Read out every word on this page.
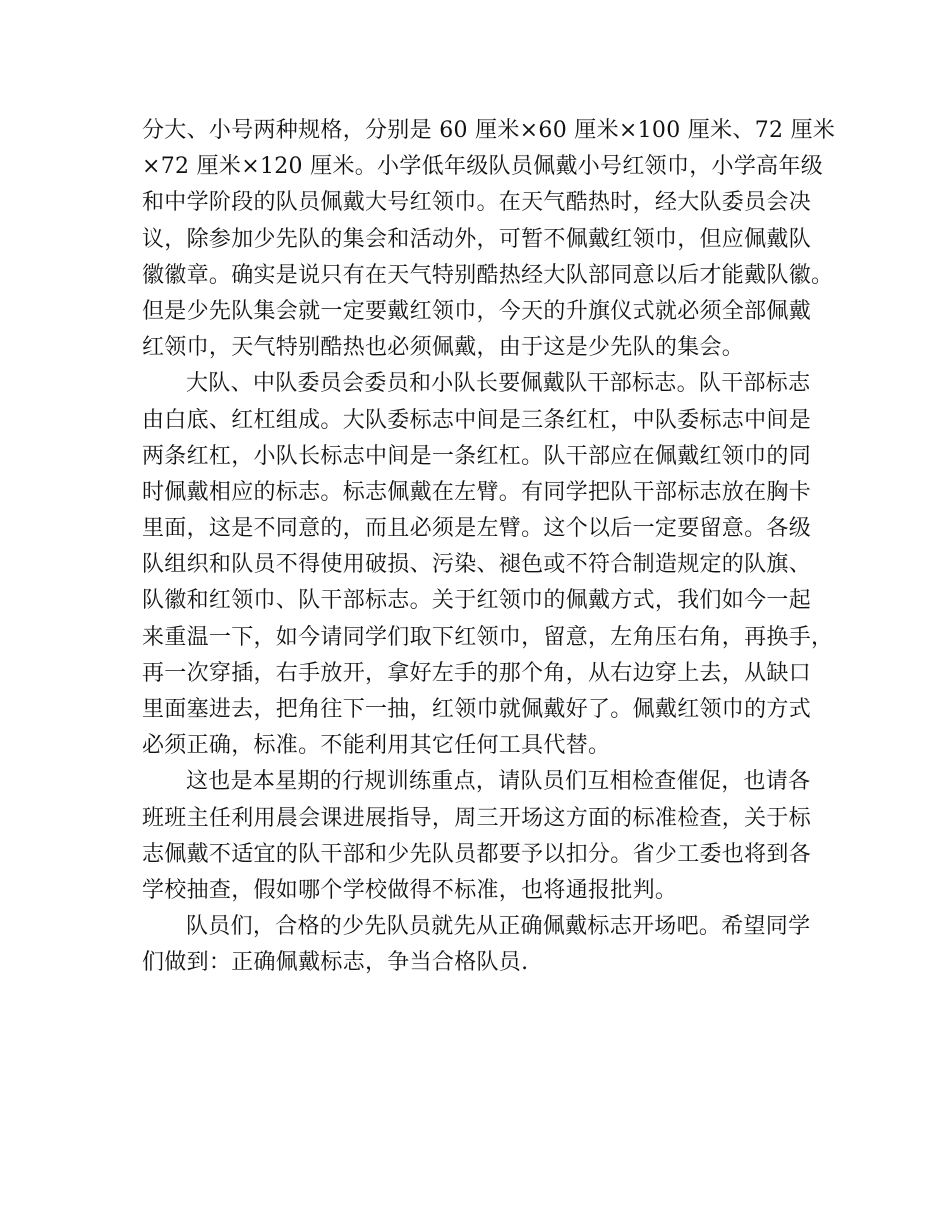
分大、小号两种规格，分别是 60 厘米×60 厘米×100 厘米、72 厘米
×72 厘米×120 厘米。小学低年级队员佩戴小号红领巾，小学高年级
和中学阶段的队员佩戴大号红领巾。在天气酷热时，经大队委员会决
议，除参加少先队的集会和活动外，可暂不佩戴红领巾，但应佩戴队
徽徽章。确实是说只有在天气特别酷热经大队部同意以后才能戴队徽。
但是少先队集会就一定要戴红领巾，今天的升旗仪式就必须全部佩戴
红领巾，天气特别酷热也必须佩戴，由于这是少先队的集会。
大队、中队委员会委员和小队长要佩戴队干部标志。队干部标志
由白底、红杠组成。大队委标志中间是三条红杠，中队委标志中间是
两条红杠，小队长标志中间是一条红杠。队干部应在佩戴红领巾的同
时佩戴相应的标志。标志佩戴在左臂。有同学把队干部标志放在胸卡
里面，这是不同意的，而且必须是左臂。这个以后一定要留意。各级
队组织和队员不得使用破损、污染、褪色或不符合制造规定的队旗、
队徽和红领巾、队干部标志。关于红领巾的佩戴方式，我们如今一起
来重温一下，如今请同学们取下红领巾，留意，左角压右角，再换手，
再一次穿插，右手放开，拿好左手的那个角，从右边穿上去，从缺口
里面塞进去，把角往下一抽，红领巾就佩戴好了。佩戴红领巾的方式
必须正确，标准。不能利用其它任何工具代替。
这也是本星期的行规训练重点，请队员们互相检查催促，也请各
班班主任利用晨会课进展指导，周三开场这方面的标准检查，关于标
志佩戴不适宜的队干部和少先队员都要予以扣分。省少工委也将到各
学校抽查，假如哪个学校做得不标准，也将通报批判。
队员们，合格的少先队员就先从正确佩戴标志开场吧。希望同学
们做到：正确佩戴标志，争当合格队员.
